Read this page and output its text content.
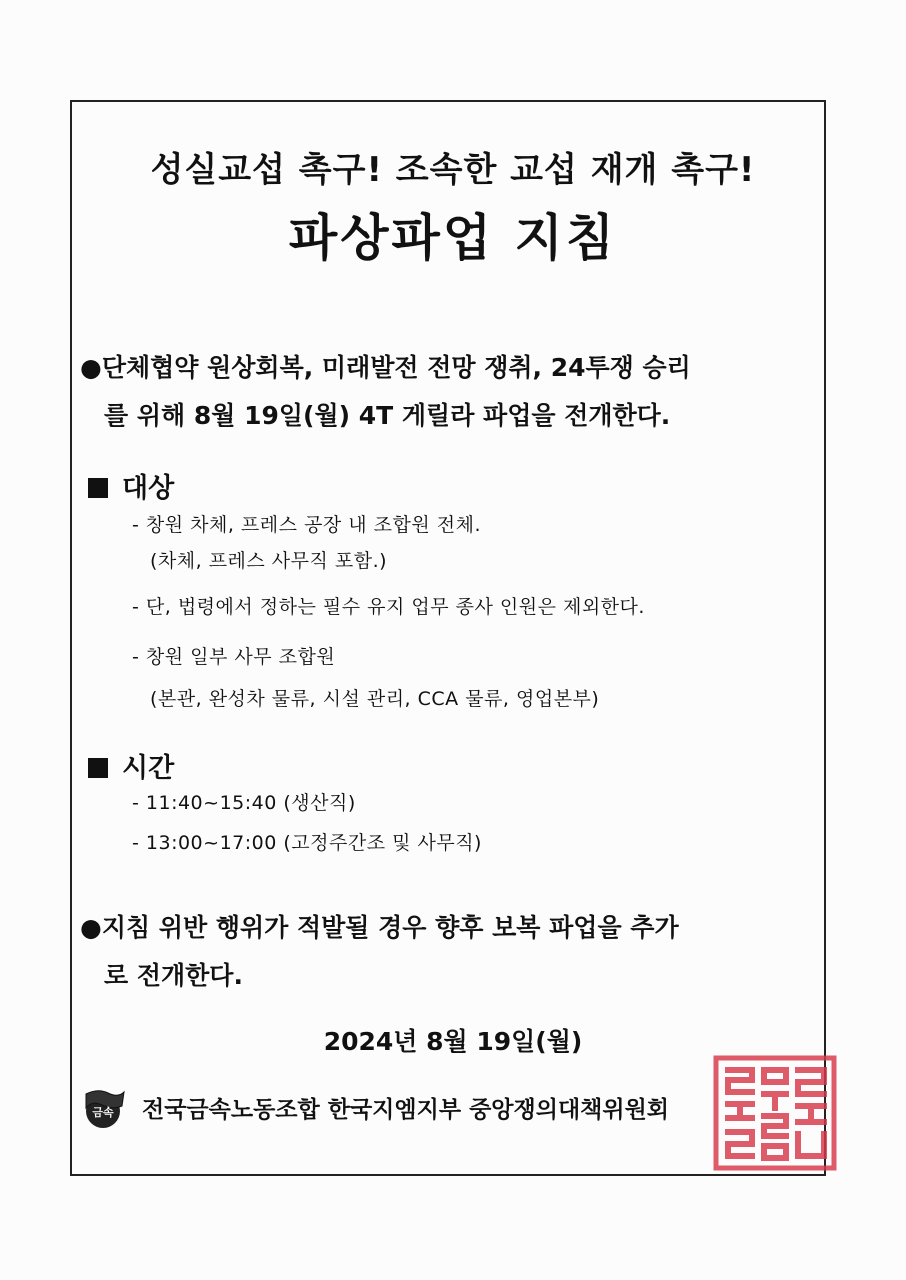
성실교섭 촉구! 조속한 교섭 재개 촉구!
파상파업 지침
●단체협약 원상회복, 미래발전 전망 쟁취, 24투쟁 승리
를 위해 8월 19일(월) 4T 게릴라 파업을 전개한다.
대상
- 창원 차체, 프레스 공장 내 조합원 전체.
(차체, 프레스 사무직 포함.)
- 단, 법령에서 정하는 필수 유지 업무 종사 인원은 제외한다.
- 창원 일부 사무 조합원
(본관, 완성차 물류, 시설 관리, CCA 물류, 영업본부)
시간
- 11:40~15:40 (생산직)
- 13:00~17:00 (고정주간조 및 사무직)
●지침 위반 행위가 적발될 경우 향후 보복 파업을 추가
로 전개한다.
2024년 8월 19일(월)
금속 전국금속노동조합 한국지엠지부 중앙쟁의대책위원회
